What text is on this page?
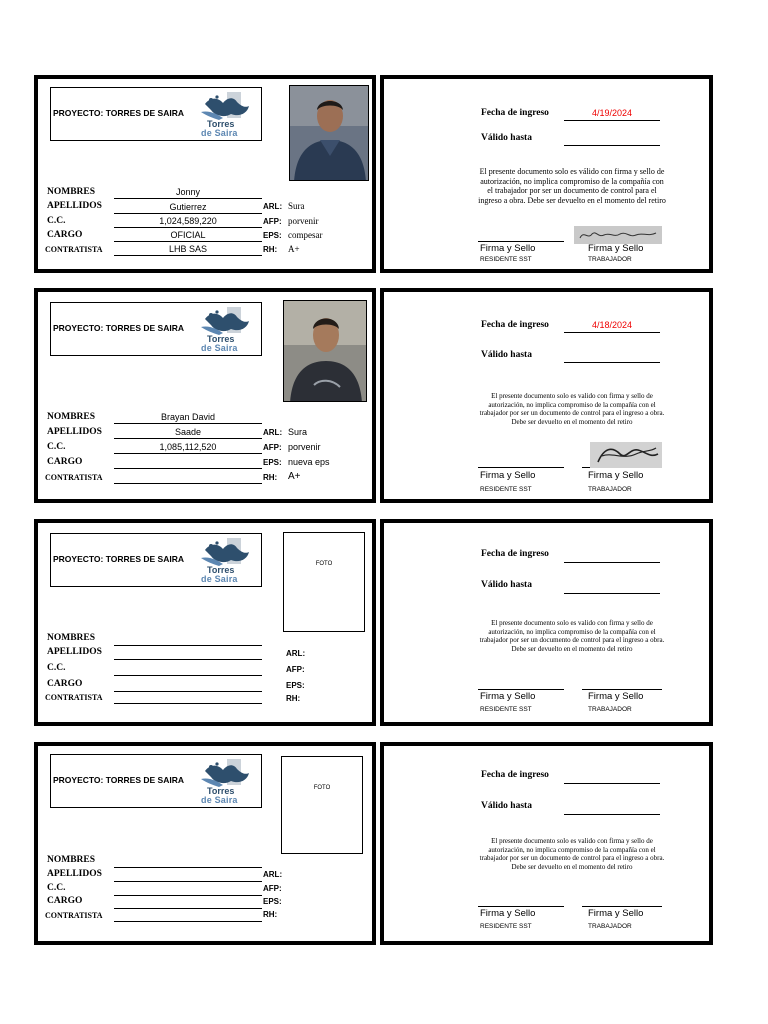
PROYECTO: TORRES DE SAIRA
Torres
de Saira
NOMBRES	Jonny
APELLIDOS	Gutierrez
C.C.	1,024,589,220
CARGO	OFICIAL
CONTRATISTA	LHB SAS
ARL: Sura
AFP: porvenir
EPS: compesar
RH: A+
Fecha de ingreso	4/19/2024
Válido hasta
El presente documento solo es válido con firma y sello de autorización, no implica compromiso de la compañía con el trabajador por ser un documento de control para el ingreso a obra. Debe ser devuelto en el momento del retiro
Firma y Sello
RESIDENTE SST
Firma y Sello
TRABAJADOR
PROYECTO: TORRES DE SAIRA
Torres
de Saira
NOMBRES	Brayan David
APELLIDOS	Saade
C.C.	1,085,112,520
CARGO
CONTRATISTA
ARL: Sura
AFP: porvenir
EPS: nueva eps
RH: A+
Fecha de ingreso	4/18/2024
Válido hasta
El presente documento solo es valido con firma y sello de autorización, no implica compromiso de la compañía con el trabajador por ser un documento de control para el ingreso a obra. Debe ser devuelto en el momento del retiro
Firma y Sello
RESIDENTE SST
Firma y Sello
TRABAJADOR
PROYECTO: TORRES DE SAIRA
Torres
de Saira
FOTO
NOMBRES
APELLIDOS
C.C.
CARGO
CONTRATISTA
ARL:
AFP:
EPS:
RH:
Fecha de ingreso
Válido hasta
El presente documento solo es valido con firma y sello de autorización, no implica compromiso de la compañía con el trabajador por ser un documento de control para el ingreso a obra. Debe ser devuelto en el momento del retiro
Firma y Sello
RESIDENTE SST
Firma y Sello
TRABAJADOR
PROYECTO: TORRES DE SAIRA
Torres
de Saira
FOTO
NOMBRES
APELLIDOS
C.C.
CARGO
CONTRATISTA
ARL:
AFP:
EPS:
RH:
Fecha de ingreso
Válido hasta
El presente documento solo es valido con firma y sello de autorización, no implica compromiso de la compañía con el trabajador por ser un documento de control para el ingreso a obra. Debe ser devuelto en el momento del retiro
Firma y Sello
RESIDENTE SST
Firma y Sello
TRABAJADOR
